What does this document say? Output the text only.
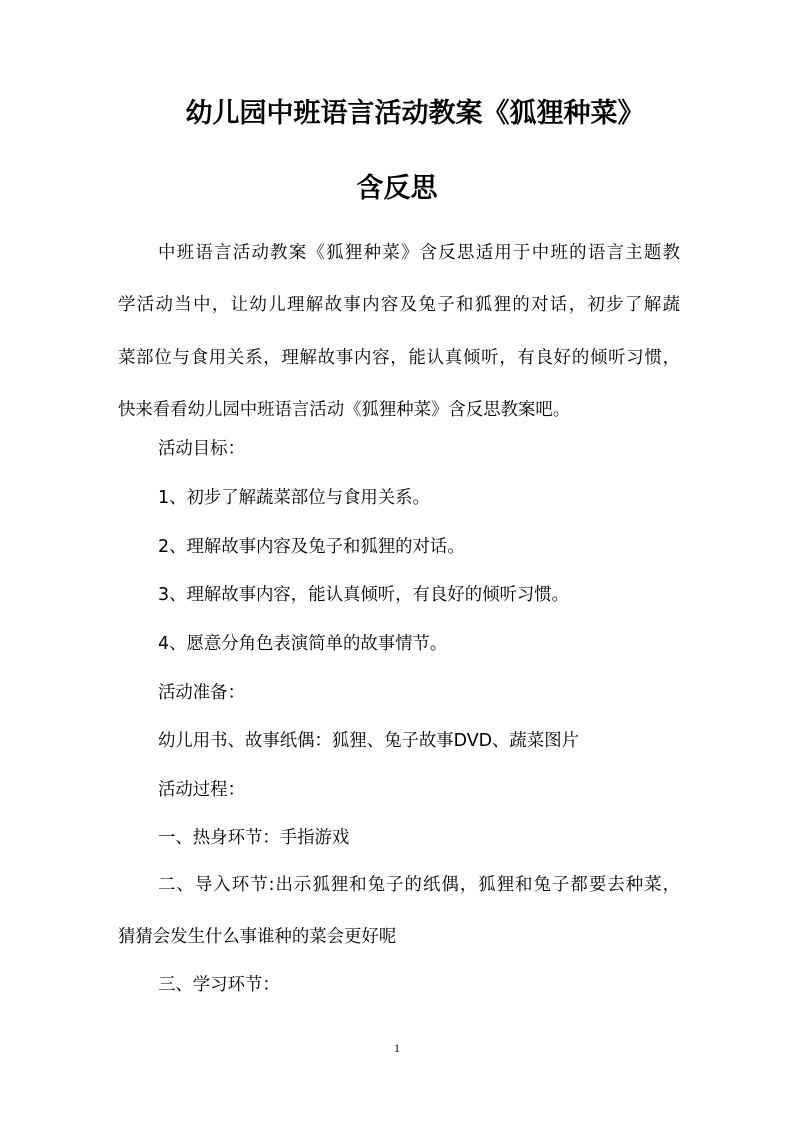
幼儿园中班语言活动教案《狐狸种菜》
含反思
中班语言活动教案《狐狸种菜》含反思适用于中班的语言主题教
学活动当中，让幼儿理解故事内容及兔子和狐狸的对话，初步了解蔬
菜部位与食用关系，理解故事内容，能认真倾听，有良好的倾听习惯，
快来看看幼儿园中班语言活动《狐狸种菜》含反思教案吧。
活动目标：
1、初步了解蔬菜部位与食用关系。
2、理解故事内容及兔子和狐狸的对话。
3、理解故事内容，能认真倾听，有良好的倾听习惯。
4、愿意分角色表演简单的故事情节。
活动准备：
幼儿用书、故事纸偶：狐狸、兔子故事DVD、蔬菜图片
活动过程：
一、热身环节：手指游戏
二、导入环节:出示狐狸和兔子的纸偶，狐狸和兔子都要去种菜，
猜猜会发生什么事谁种的菜会更好呢
三、学习环节：
1
